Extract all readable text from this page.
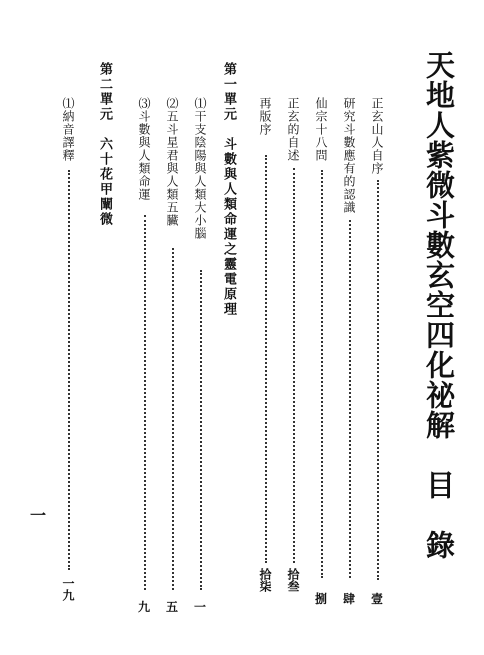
天地人紫微斗數玄空四化祕解　目　錄
正玄山人自序
壹
研究斗數應有的認識
肆
仙宗十八問
捌
正玄的自述
拾叁
再版序
拾柒
第一單元　斗數與人類命運之靈電原理
⑴干支陰陽與人類大小腦
一
⑵五斗星君與人類五臟
五
⑶斗數與人類命運
九
第二單元　六十花甲闡微
⑴納音譯釋
一九
一
